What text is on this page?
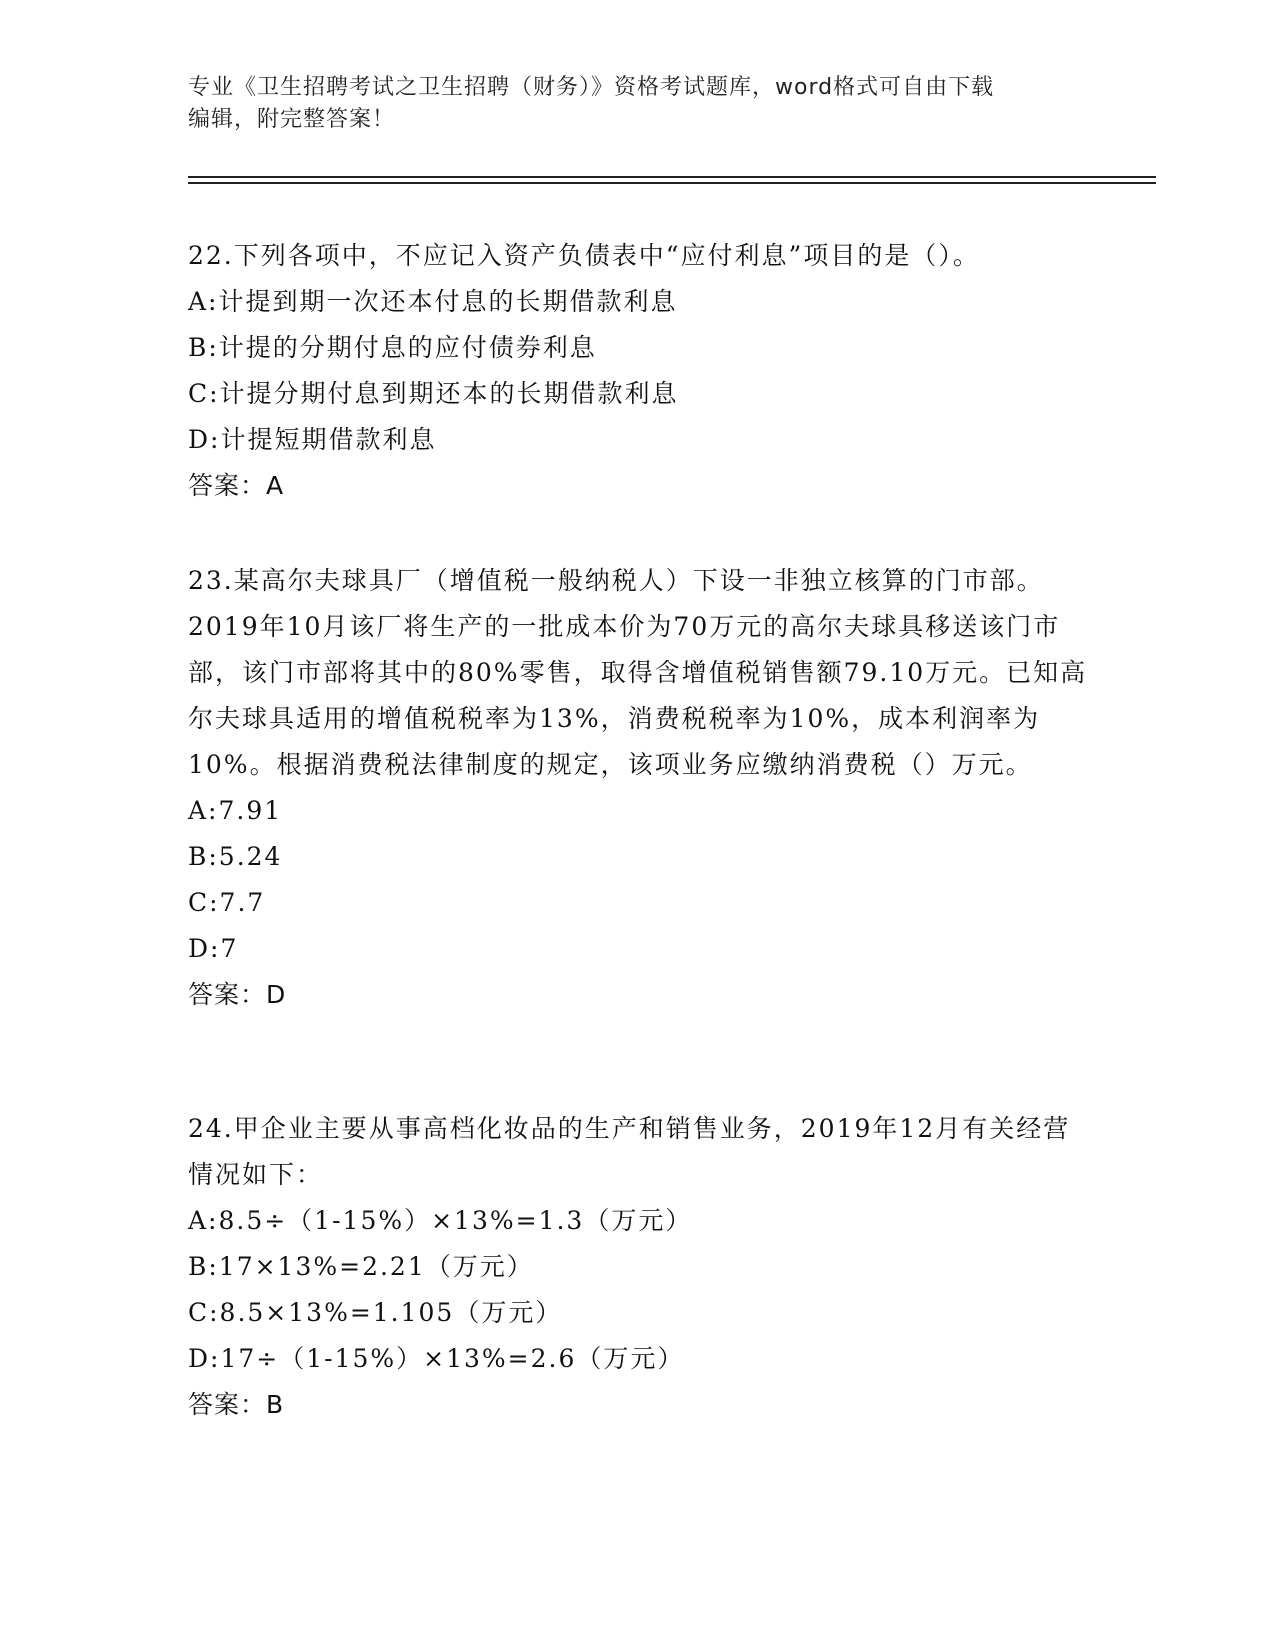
专业《卫生招聘考试之卫生招聘（财务）》资格考试题库，word格式可自由下载
编辑，附完整答案！

22.下列各项中，不应记入资产负债表中“应付利息”项目的是（）。

A:计提到期一次还本付息的长期借款利息

B:计提的分期付息的应付债券利息

C:计提分期付息到期还本的长期借款利息

D:计提短期借款利息

答案：A

23.某高尔夫球具厂（增值税一般纳税人）下设一非独立核算的门市部。2019年10月该厂将生产的一批成本价为70万元的高尔夫球具移送该门市部，该门市部将其中的80%零售，取得含增值税销售额79.10万元。已知高尔夫球具适用的增值税税率为13%，消费税税率为10%，成本利润率为10%。根据消费税法律制度的规定，该项业务应缴纳消费税（）万元。

A:7.91

B:5.24

C:7.7

D:7

答案：D

24.甲企业主要从事高档化妆品的生产和销售业务，2019年12月有关经营情况如下：

A:8.5÷（1-15%）×13%=1.3（万元）

B:17×13%=2.21（万元）

C:8.5×13%=1.105（万元）

D:17÷（1-15%）×13%=2.6（万元）

答案：B
